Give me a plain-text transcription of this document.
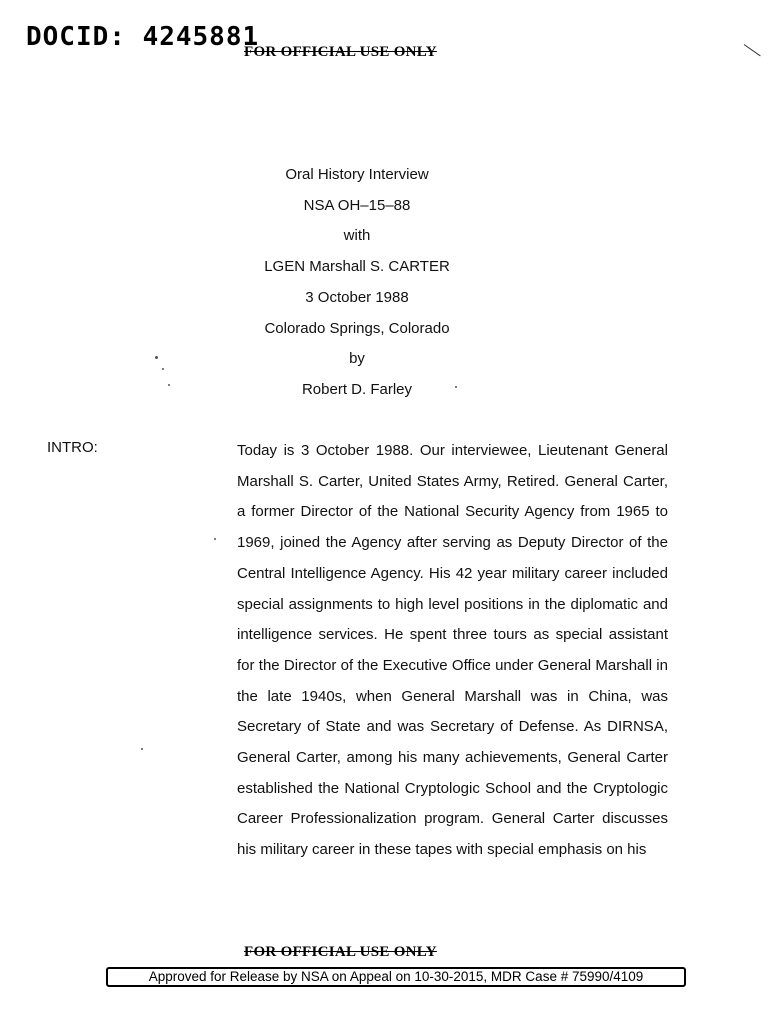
DOCID: 4245881
FOR OFFICIAL USE ONLY
Oral History Interview
NSA OH–15–88
with
LGEN Marshall S. CARTER
3 October 1988
Colorado Springs, Colorado
by
Robert D. Farley
INTRO:	Today is 3 October 1988. Our interviewee, Lieutenant General Marshall S. Carter, United States Army, Retired. General Carter, a former Director of the National Security Agency from 1965 to 1969, joined the Agency after serving as Deputy Director of the Central Intelligence Agency. His 42 year military career included special assignments to high level positions in the diplomatic and intelligence services. He spent three tours as special assistant for the Director of the Executive Office under General Marshall in the late 1940s, when General Marshall was in China, was Secretary of State and was Secretary of Defense. As DIRNSA, General Carter, among his many achievements, General Carter established the National Cryptologic School and the Cryptologic Career Professionalization program. General Carter discusses his military career in these tapes with special emphasis on his

FOR OFFICIAL USE ONLY
Approved for Release by NSA on Appeal on 10-30-2015, MDR Case # 75990/4109
